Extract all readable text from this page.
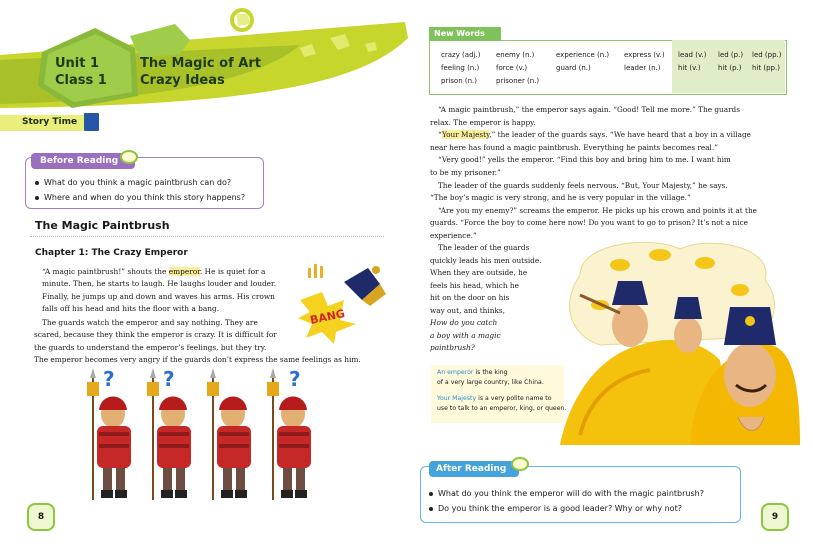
Unit 1
Class 1
The Magic of Art
Crazy Ideas
Story Time
Before Reading
What do you think a magic paintbrush can do?
Where and when do you think this story happens?
The Magic Paintbrush
Chapter 1: The Crazy Emperor
“A magic paintbrush!” shouts the emperor. He is quiet for a
minute. Then, he starts to laugh. He laughs louder and louder.
Finally, he jumps up and down and waves his arms. His crown
falls off his head and hits the floor with a bang.
The guards watch the emperor and say nothing. They are
scared, because they think the emperor is crazy. It is difficult for
the guards to understand the emperor’s feelings, but they try.
The emperor becomes very angry if the guards don’t express the same feelings as him.
BANG
? ?	?
8
New Words
crazy (adj.)
feeling (n.)
prison (n.)
enemy (n.)
force (v.)
prisoner (n.)
experience (n.)
guard (n.)
express (v.)
leader (n.)
lead (v.)
hit (v.)
led (p.)
hit (p.)
led (pp.)
hit (pp.)
“A magic paintbrush,” the emperor says again. “Good! Tell me more.” The guards
relax. The emperor is happy.
“Your Majesty,” the leader of the guards says. “We have heard that a boy in a village
near here has found a magic paintbrush. Everything he paints becomes real.”
“Very good!” yells the emperor. “Find this boy and bring him to me. I want him
to be my prisoner.”
The leader of the guards suddenly feels nervous. “But, Your Majesty,” he says.
“The boy’s magic is very strong, and he is very popular in the village.”
“Are you my enemy?” screams the emperor. He picks up his crown and points it at the
guards. “Force the boy to come here now! Do you want to go to prison? It’s not a nice
experience.”
The leader of the guards
quickly leads his men outside.
When they are outside, he
feels his head, which he
hit on the door on his
way out, and thinks,
How do you catch
a boy with a magic
paintbrush?
An emperor is the king
of a very large country, like China.
Your Majesty is a very polite name to
use to talk to an emperor, king, or queen.
After Reading
What do you think the emperor will do with the magic paintbrush?
Do you think the emperor is a good leader? Why or why not?
9
